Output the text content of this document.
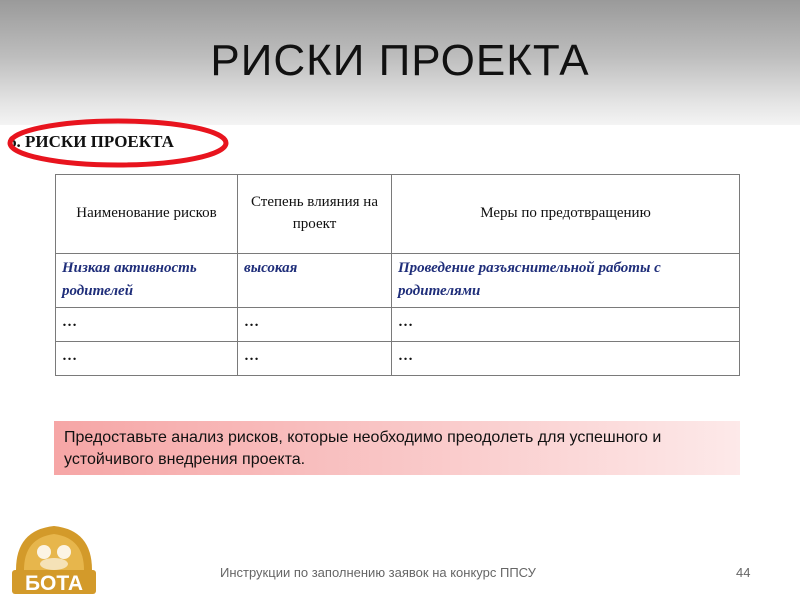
РИСКИ ПРОЕКТА
6. РИСКИ ПРОЕКТА
Наименование рисков	Степень влияния на проект	Меры по предотвращению
Низкая активность родителей	высокая	Проведение разъяснительной работы с родителями
…	…	…
…	…	…
Предоставьте анализ рисков, которые необходимо преодолеть для успешного и устойчивого внедрения проекта.
БОТА	Инструкции по заполнению заявок на конкурс ППСУ	44
